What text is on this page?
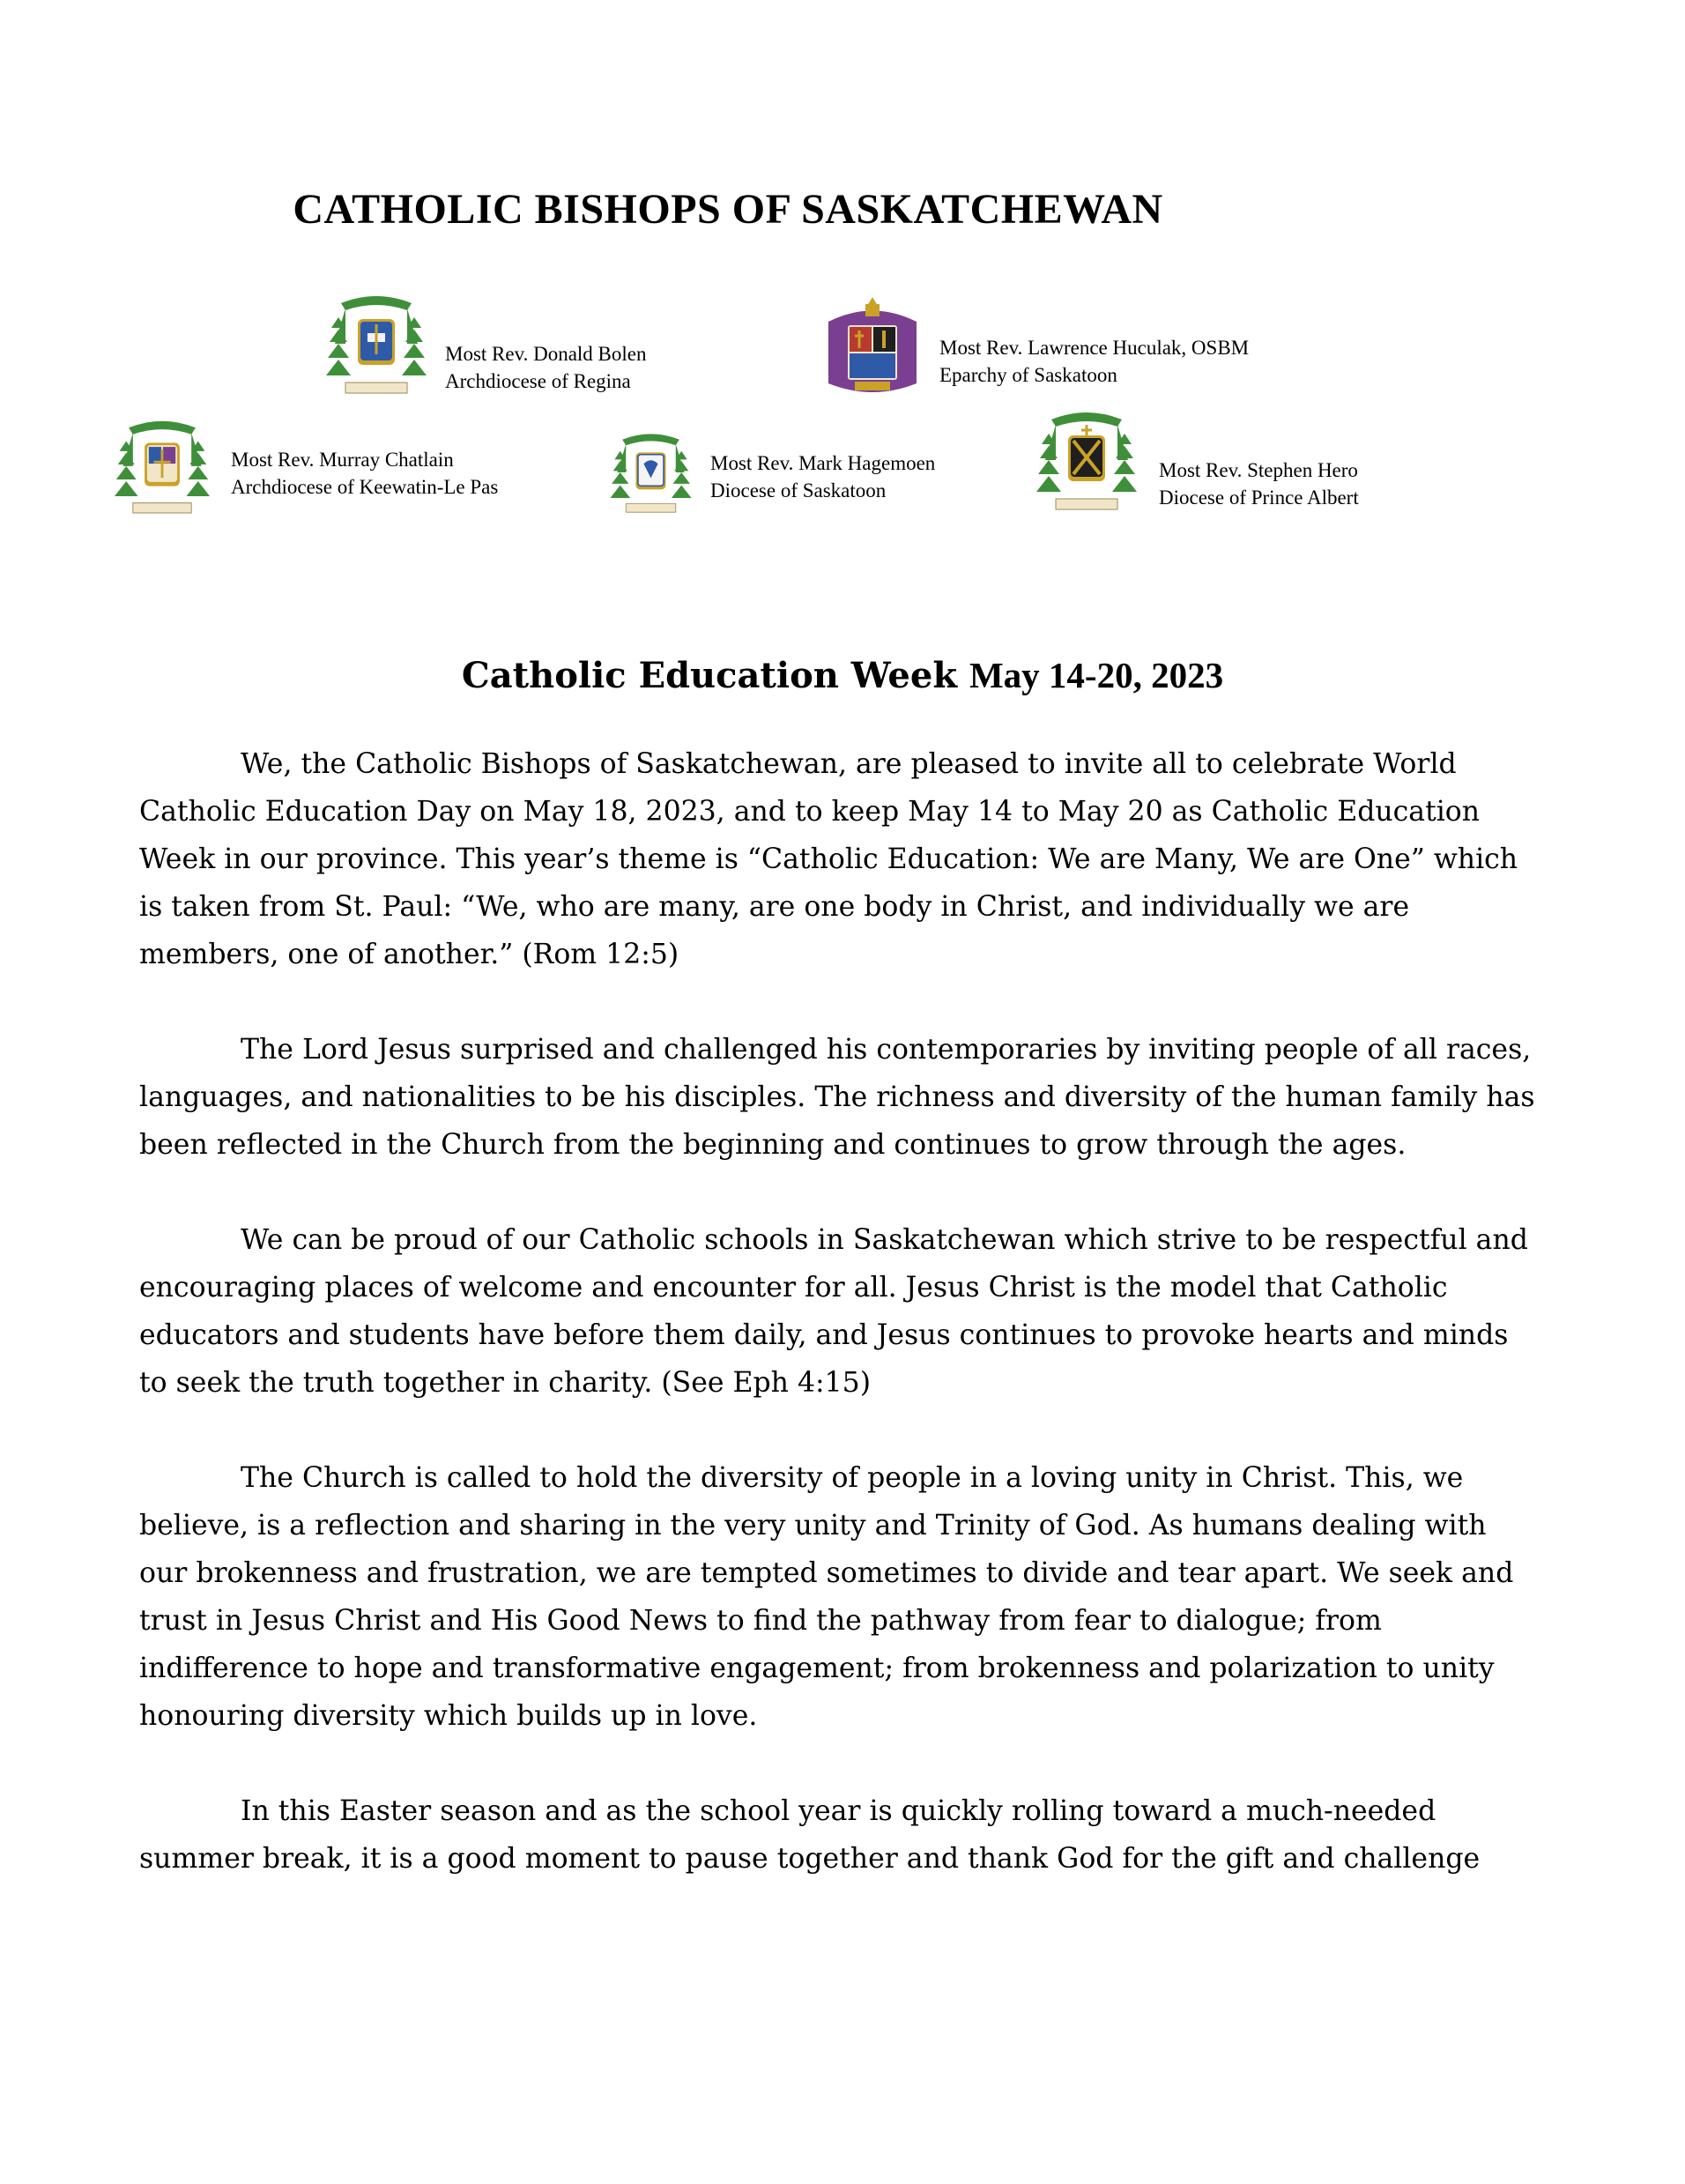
CATHOLIC BISHOPS OF SASKATCHEWAN
Most Rev. Donald Bolen
Archdiocese of Regina
Most Rev. Lawrence Huculak, OSBM
Eparchy of Saskatoon
Most Rev. Murray Chatlain
Archdiocese of Keewatin-Le Pas
Most Rev. Mark Hagemoen
Diocese of Saskatoon
Most Rev. Stephen Hero
Diocese of Prince Albert
Catholic Education Week May 14-20, 2023

We, the Catholic Bishops of Saskatchewan, are pleased to invite all to celebrate World Catholic Education Day on May 18, 2023, and to keep May 14 to May 20 as Catholic Education Week in our province. This year’s theme is “Catholic Education: We are Many, We are One” which is taken from St. Paul: “We, who are many, are one body in Christ, and individually we are members, one of another.” (Rom 12:5)

The Lord Jesus surprised and challenged his contemporaries by inviting people of all races, languages, and nationalities to be his disciples. The richness and diversity of the human family has been reflected in the Church from the beginning and continues to grow through the ages.

We can be proud of our Catholic schools in Saskatchewan which strive to be respectful and encouraging places of welcome and encounter for all. Jesus Christ is the model that Catholic educators and students have before them daily, and Jesus continues to provoke hearts and minds to seek the truth together in charity. (See Eph 4:15)

The Church is called to hold the diversity of people in a loving unity in Christ. This, we believe, is a reflection and sharing in the very unity and Trinity of God. As humans dealing with our brokenness and frustration, we are tempted sometimes to divide and tear apart. We seek and trust in Jesus Christ and His Good News to find the pathway from fear to dialogue; from indifference to hope and transformative engagement; from brokenness and polarization to unity honouring diversity which builds up in love.

In this Easter season and as the school year is quickly rolling toward a much-needed summer break, it is a good moment to pause together and thank God for the gift and challenge
